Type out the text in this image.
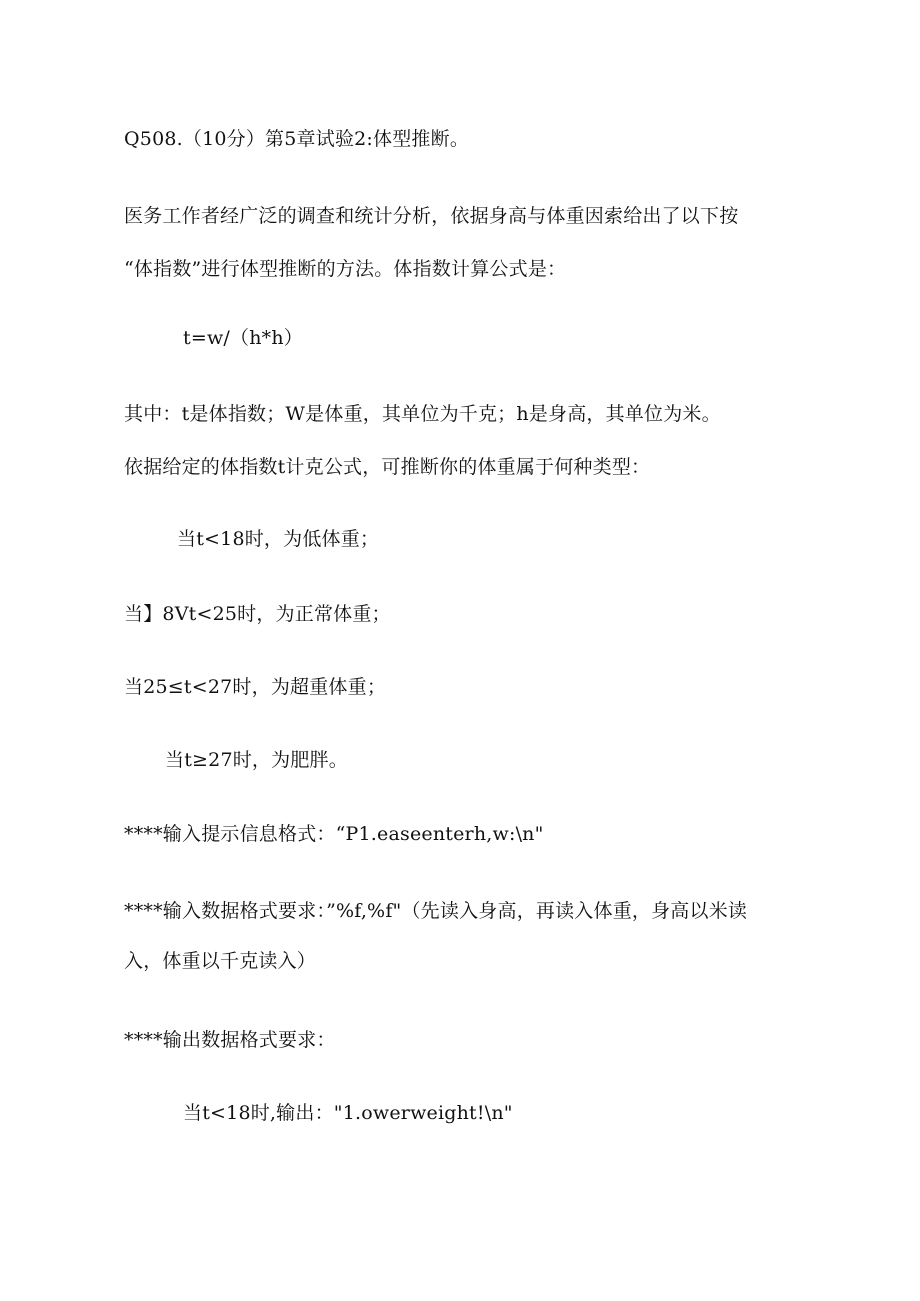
Q508.（10分）第5章试验2:体型推断。
医务工作者经广泛的调查和统计分析，依据身高与体重因索给出了以下按
“体指数”进行体型推断的方法。体指数计算公式是：
t=w/（h*h）
其中：t是体指数；W是体重，其单位为千克；h是身高，其单位为米。
依据给定的体指数t计克公式，可推断你的体重属于何种类型：
当t<18时，为低体重；
当】8Vt<25时，为正常体重；
当25≤t<27时，为超重体重；
当t≥27时，为肥胖。
****输入提示信息格式：“P1.easeenterh,w:\n"
****输入数据格式要求：”%f,%f"（先读入身高，再读入体重，身高以米读
入，体重以千克读入）
****输出数据格式要求：
当t<18时,输出："1.owerweight!\n"
